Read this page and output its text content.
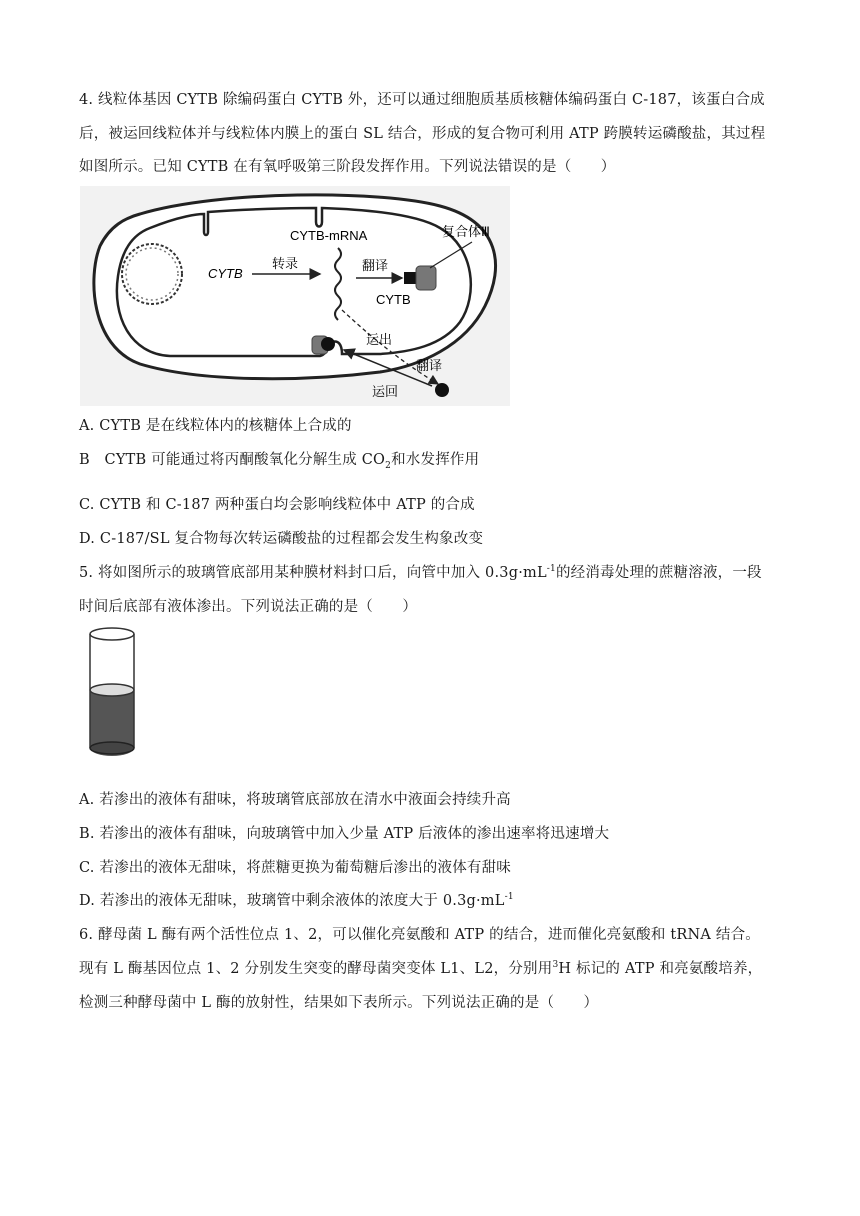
4. 线粒体基因 CYTB 除编码蛋白 CYTB 外，还可以通过细胞质基质核糖体编码蛋白 C-187，该蛋白合成
后，被运回线粒体并与线粒体内膜上的蛋白 SL 结合，形成的复合物可利用 ATP 跨膜转运磷酸盐，其过程
如图所示。已知 CYTB 在有氧呼吸第三阶段发挥作用。下列说法错误的是（　　）
CYTB
转录
CYTB-mRNA
翻译
复合体Ⅲ
CYTB
运出
翻译
运回
A. CYTB 是在线粒体内的核糖体上合成的
B　CYTB 可能通过将丙酮酸氧化分解生成 $CO_2$和水发挥作用
C. CYTB 和 C-187 两种蛋白均会影响线粒体中 ATP 的合成
D. C-187/SL 复合物每次转运磷酸盐的过程都会发生构象改变
5. 将如图所示的玻璃管底部用某种膜材料封口后，向管中加入 $0.3g\cdot mL^{-1}$的经消毒处理的蔗糖溶液，一段
时间后底部有液体渗出。下列说法正确的是（　　）
A. 若渗出的液体有甜味，将玻璃管底部放在清水中液面会持续升高
B. 若渗出的液体有甜味，向玻璃管中加入少量 ATP 后液体的渗出速率将迅速增大
C. 若渗出的液体无甜味，将蔗糖更换为葡萄糖后渗出的液体有甜味
D. 若渗出的液体无甜味，玻璃管中剩余液体的浓度大于 $0.3g\cdot mL^{-1}$
6. 酵母菌 L 酶有两个活性位点 1、2，可以催化亮氨酸和 ATP 的结合，进而催化亮氨酸和 tRNA 结合。
现有 L 酶基因位点 1、2 分别发生突变的酵母菌突变体 L1、L2，分别用$^3$H 标记的 ATP 和亮氨酸培养，
检测三种酵母菌中 L 酶的放射性，结果如下表所示。下列说法正确的是（　　）
